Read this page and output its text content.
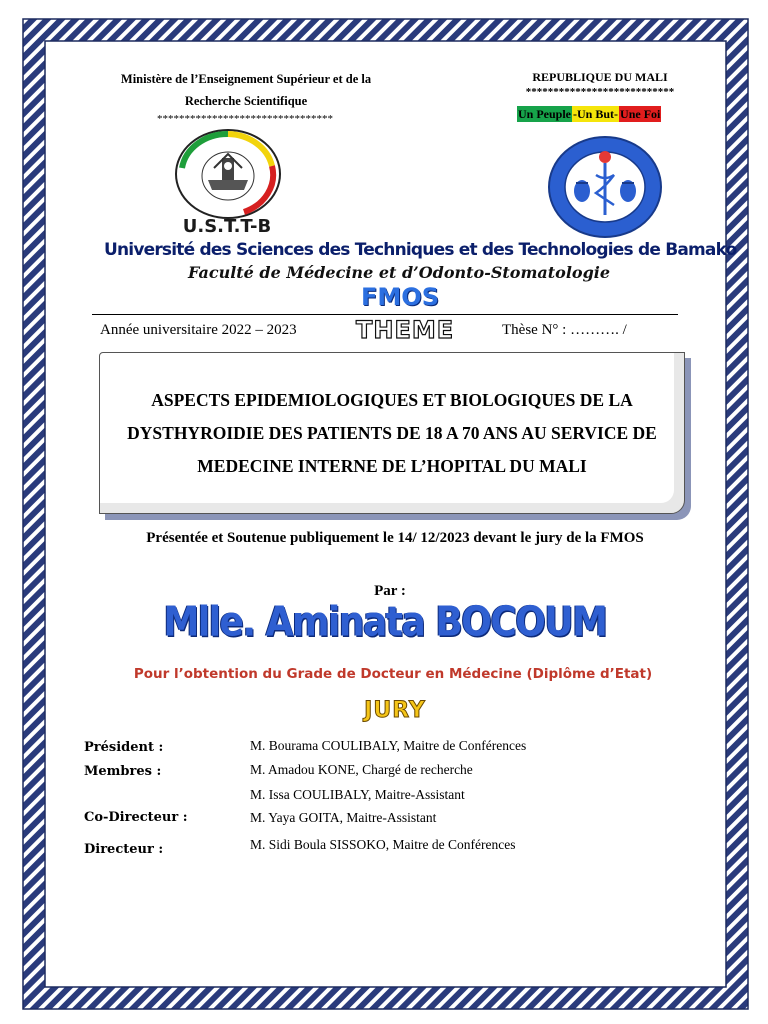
Ministère de l’Enseignement Supérieur et de la
Recherche Scientifique
********************************
REPUBLIQUE DU MALI
***************************
Un Peuple -Un But- Une Foi
U.S.T.T-B
Université des Sciences des Techniques et des Technologies de Bamako
Faculté de Médecine et d’Odonto-Stomatologie
FMOS
Année universitaire 2022 – 2023 THEME	Thèse N° : ………. /
ASPECTS EPIDEMIOLOGIQUES ET BIOLOGIQUES DE LA DYSTHYROIDIE DES PATIENTS DE 18 A 70 ANS AU SERVICE DE MEDECINE INTERNE DE L’HOPITAL DU MALI
Présentée et Soutenue publiquement le 14/ 12/2023 devant le jury de la FMOS
Par :
Mlle. Aminata BOCOUM
Pour l’obtention du Grade de Docteur en Médecine (Diplôme d’Etat)
JURY
Président :	M. Bourama COULIBALY, Maitre de Conférences
Membres :	M. Amadou KONE, Chargé de recherche
M. Issa COULIBALY, Maitre-Assistant
Co-Directeur :	M. Yaya GOITA, Maitre-Assistant
Directeur :	M. Sidi Boula SISSOKO, Maitre de Conférences
